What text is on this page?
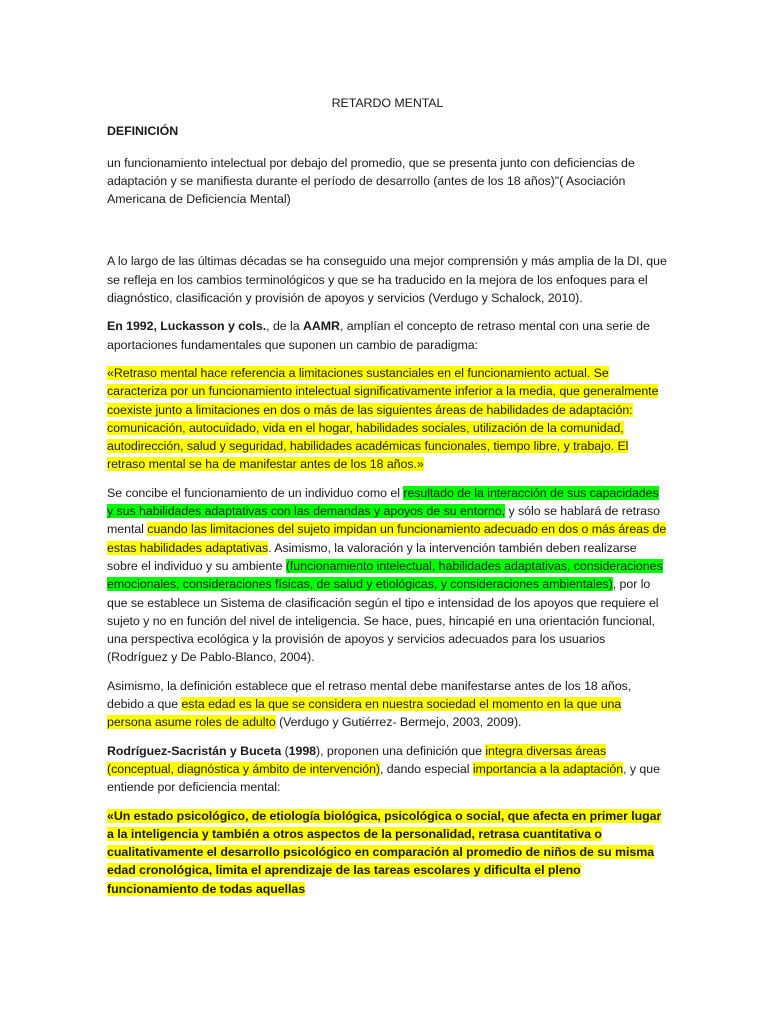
RETARDO MENTAL
DEFINICIÓN

un funcionamiento intelectual por debajo del promedio, que se presenta junto con deficiencias de adaptación y se manifiesta durante el período de desarrollo (antes de los 18 años)"( Asociación Americana de Deficiencia Mental)

A lo largo de las últimas décadas se ha conseguido una mejor comprensión y más amplia de la DI, que se refleja en los cambios terminológicos y que se ha traducido en la mejora de los enfoques para el diagnóstico, clasificación y provisión de apoyos y servicios (Verdugo y Schalock, 2010).

En 1992, Luckasson y cols., de la AAMR, amplían el concepto de retraso mental con una serie de aportaciones fundamentales que suponen un cambio de paradigma:

«Retraso mental hace referencia a limitaciones sustanciales en el funcionamiento actual. Se caracteriza por un funcionamiento intelectual significativamente inferior a la media, que generalmente coexiste junto a limitaciones en dos o más de las siguientes áreas de habilidades de adaptación: comunicación, autocuidado, vida en el hogar, habilidades sociales, utilización de la comunidad, autodirección, salud y seguridad, habilidades académicas funcionales, tiempo libre, y trabajo. El retraso mental se ha de manifestar antes de los 18 años.»

Se concibe el funcionamiento de un individuo como el resultado de la interacción de sus capacidades y sus habilidades adaptativas con las demandas y apoyos de su entorno, y sólo se hablará de retraso mental cuando las limitaciones del sujeto impidan un funcionamiento adecuado en dos o más áreas de estas habilidades adaptativas. Asimismo, la valoración y la intervención también deben realizarse sobre el individuo y su ambiente (funcionamiento intelectual, habilidades adaptativas, consideraciones emocionales, consideraciones físicas, de salud y etiológicas, y consideraciones ambientales), por lo que se establece un Sistema de clasificación según el tipo e intensidad de los apoyos que requiere el sujeto y no en función del nivel de inteligencia. Se hace, pues, hincapié en una orientación funcional, una perspectiva ecológica y la provisión de apoyos y servicios adecuados para los usuarios (Rodríguez y De Pablo-Blanco, 2004).

Asimismo, la definición establece que el retraso mental debe manifestarse antes de los 18 años, debido a que esta edad es la que se considera en nuestra sociedad el momento en la que una persona asume roles de adulto (Verdugo y Gutiérrez- Bermejo, 2003, 2009).

Rodríguez-Sacristán y Buceta (1998), proponen una definición que integra diversas áreas (conceptual, diagnóstica y ámbito de intervención), dando especial importancia a la adaptación, y que entiende por deficiencia mental:

«Un estado psicológico, de etiología biológica, psicológica o social, que afecta en primer lugar a la inteligencia y también a otros aspectos de la personalidad, retrasa cuantitativa o cualitativamente el desarrollo psicológico en comparación al promedio de niños de su misma edad cronológica, limita el aprendizaje de las tareas escolares y dificulta el pleno funcionamiento de todas aquellas
